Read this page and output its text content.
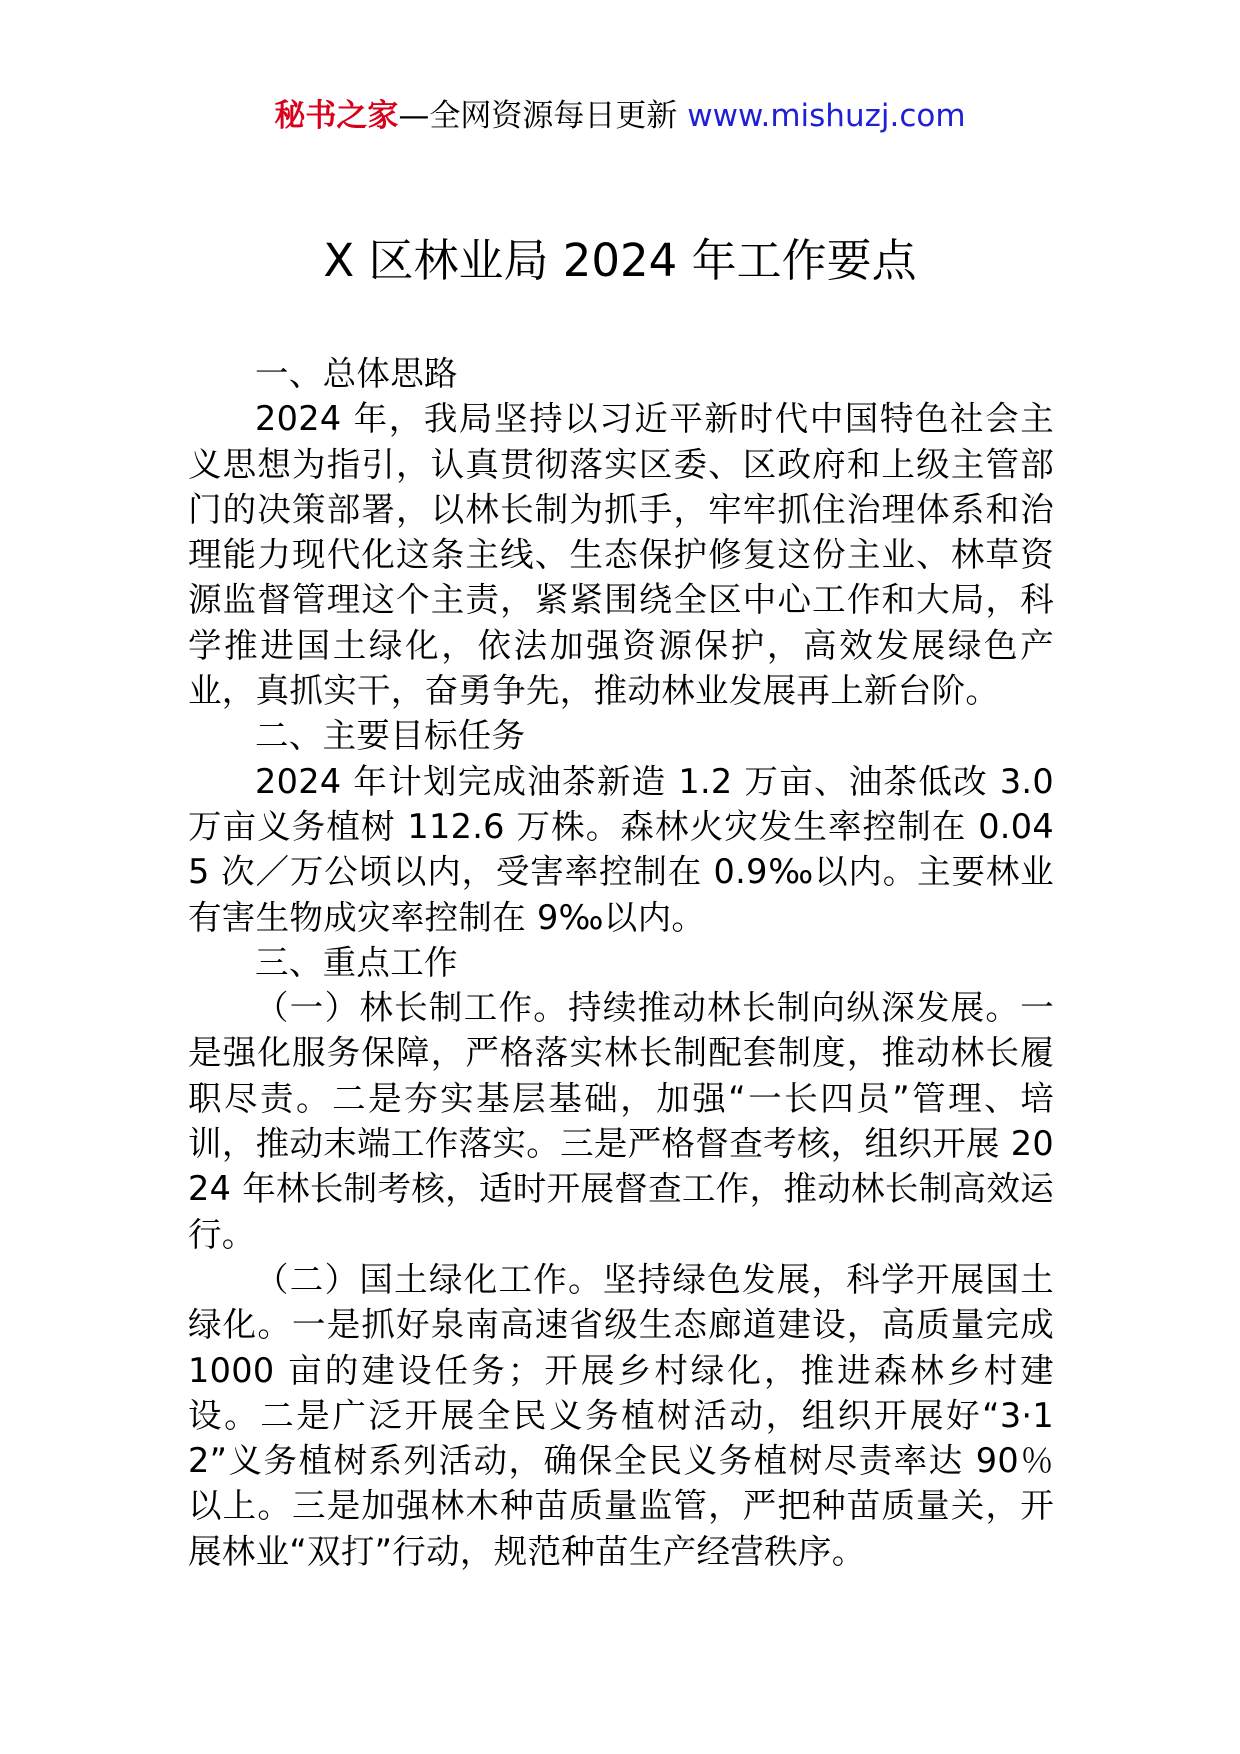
秘书之家—全网资源每日更新 www.mishuzj.com
X 区林业局 2024 年工作要点

一、总体思路

2024 年，我局坚持以习近平新时代中国特色社会主义思想为指引，认真贯彻落实区委、区政府和上级主管部门的决策部署，以林长制为抓手，牢牢抓住治理体系和治理能力现代化这条主线、生态保护修复这份主业、林草资源监督管理这个主责，紧紧围绕全区中心工作和大局，科学推进国土绿化，依法加强资源保护，高效发展绿色产业，真抓实干，奋勇争先，推动林业发展再上新台阶。

二、主要目标任务

2024 年计划完成油茶新造 1.2 万亩、油茶低改 3.0 万亩义务植树 112.6 万株。森林火灾发生率控制在 0.045 次／万公顷以内，受害率控制在 0.9‰以内。主要林业有害生物成灾率控制在 9‰以内。

三、重点工作

（一）林长制工作。持续推动林长制向纵深发展。一是强化服务保障，严格落实林长制配套制度，推动林长履职尽责。二是夯实基层基础，加强“一长四员”管理、培训，推动末端工作落实。三是严格督查考核，组织开展 2024 年林长制考核，适时开展督查工作，推动林长制高效运行。

（二）国土绿化工作。坚持绿色发展，科学开展国土绿化。一是抓好泉南高速省级生态廊道建设，高质量完成 1000 亩的建设任务；开展乡村绿化，推进森林乡村建设。二是广泛开展全民义务植树活动，组织开展好“3·12”义务植树系列活动，确保全民义务植树尽责率达 90％以上。三是加强林木种苗质量监管，严把种苗质量关，开展林业“双打”行动，规范种苗生产经营秩序。
